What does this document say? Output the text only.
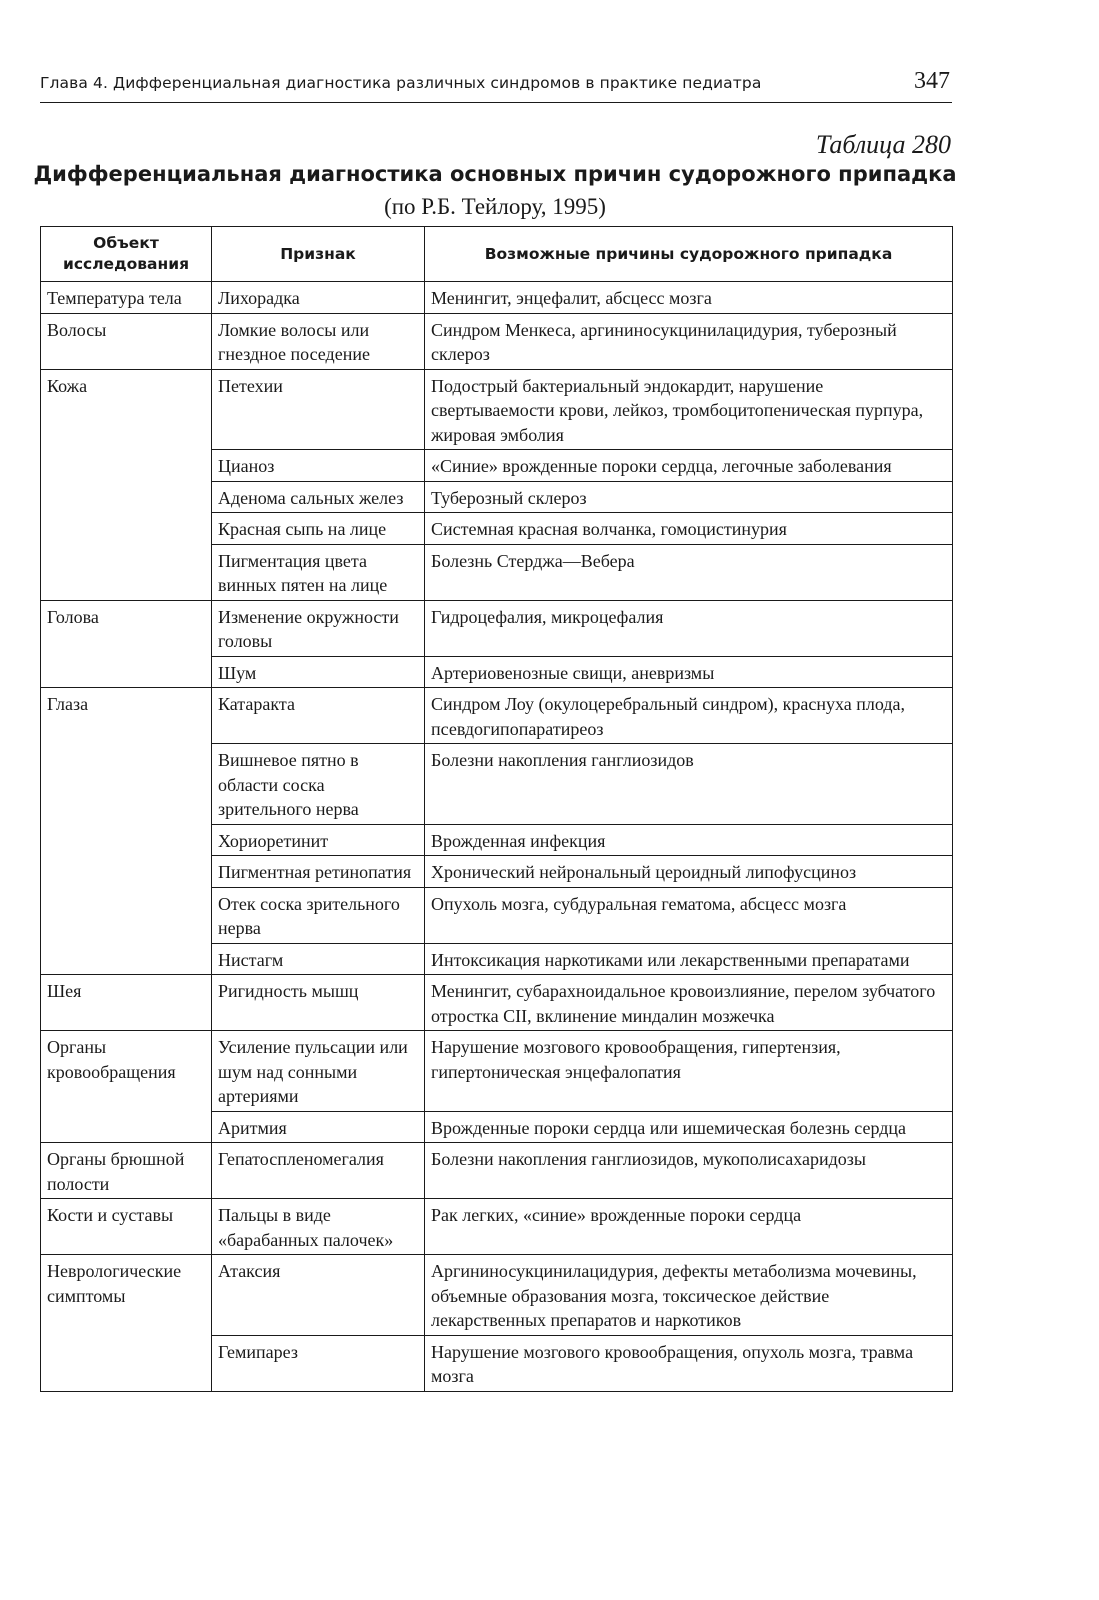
Глава 4. Дифференциальная диагностика различных синдромов в практике педиатра	347
Таблица 280
Дифференциальная диагностика основных причин судорожного припадка
(по Р.Б. Тейлору, 1995)
Объект исследования	Признак	Возможные причины судорожного припадка
Температура тела	Лихорадка	Менингит, энцефалит, абсцесс мозга
Волосы	Ломкие волосы или гнездное поседение	Синдром Менкеса, аргининосукцинилацидурия, туберозный склероз
Кожа	Петехии	Подострый бактериальный эндокардит, нарушение свертываемости крови, лейкоз, тромбоцитопеническая пурпура, жировая эмболия
	Цианоз	«Синие» врожденные пороки сердца, легочные заболевания
	Аденома сальных желез	Туберозный склероз
	Красная сыпь на лице	Системная красная волчанка, гомоцистинурия
	Пигментация цвета винных пятен на лице	Болезнь Стерджа—Вебера
Голова	Изменение окружности головы	Гидроцефалия, микроцефалия
	Шум	Артериовенозные свищи, аневризмы
Глаза	Катаракта	Синдром Лоу (окулоцеребральный синдром), краснуха плода, псевдогипопаратиреоз
	Вишневое пятно в области соска зрительного нерва	Болезни накопления ганглиозидов
	Хориоретинит	Врожденная инфекция
	Пигментная ретинопатия	Хронический нейрональный цероидный липофусциноз
	Отек соска зрительного нерва	Опухоль мозга, субдуральная гематома, абсцесс мозга
	Нистагм	Интоксикация наркотиками или лекарственными препаратами
Шея	Ригидность мышц	Менингит, субарахноидальное кровоизлияние, перелом зубчатого отростка CII, вклинение миндалин мозжечка
Органы кровообращения	Усиление пульсации или шум над сонными артериями	Нарушение мозгового кровообращения, гипертензия, гипертоническая энцефалопатия
	Аритмия	Врожденные пороки сердца или ишемическая болезнь сердца
Органы брюшной полости	Гепатоспленомегалия	Болезни накопления ганглиозидов, мукополисахаридозы
Кости и суставы	Пальцы в виде «барабанных палочек»	Рак легких, «синие» врожденные пороки сердца
Неврологические симптомы	Атаксия	Аргининосукцинилацидурия, дефекты метаболизма мочевины, объемные образования мозга, токсическое действие лекарственных препаратов и наркотиков
	Гемипарез	Нарушение мозгового кровообращения, опухоль мозга, травма мозга
